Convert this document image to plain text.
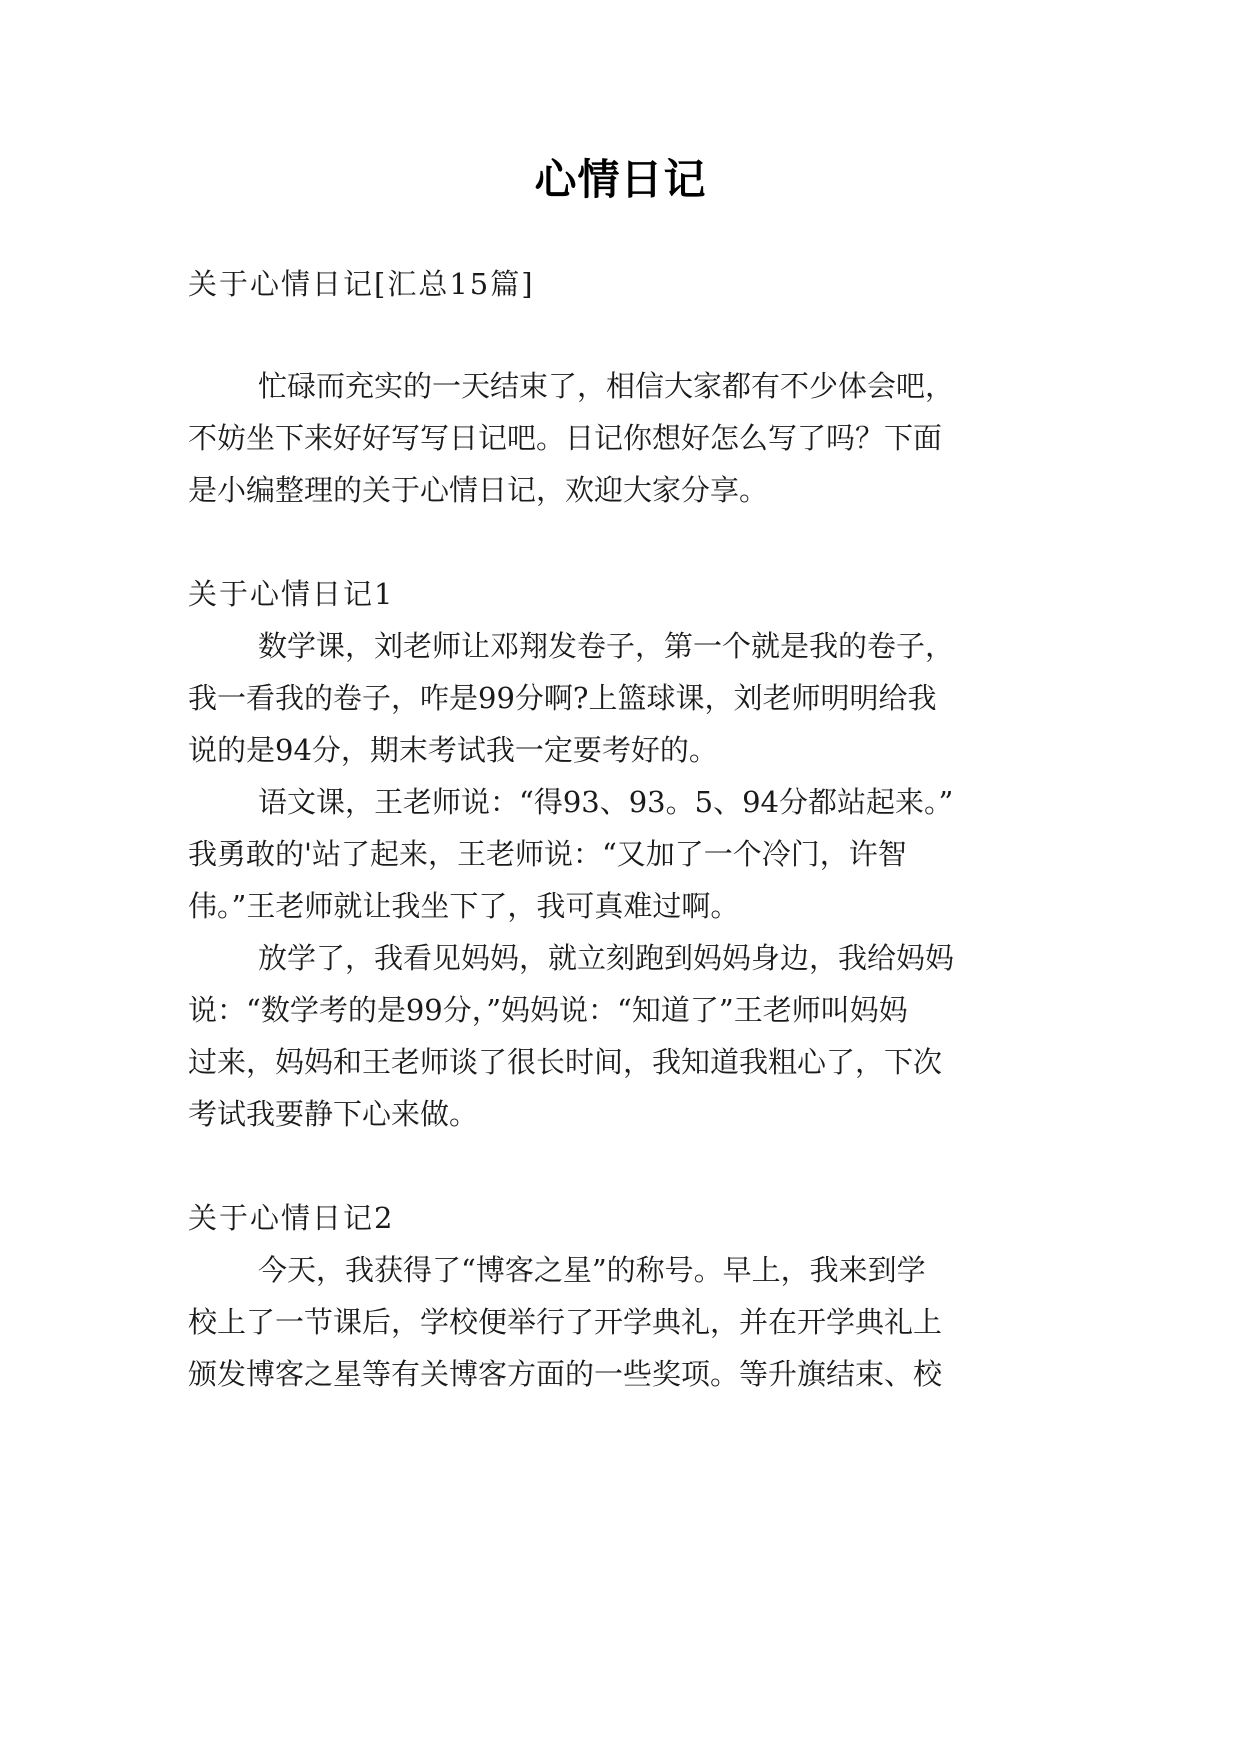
心情日记

关于心情日记[汇总15篇]

忙碌而充实的一天结束了，相信大家都有不少体会吧，

不妨坐下来好好写写日记吧。日记你想好怎么写了吗？下面

是小编整理的关于心情日记，欢迎大家分享。

关于心情日记1

数学课，刘老师让邓翔发卷子，第一个就是我的卷子，

我一看我的卷子，咋是99分啊?上篮球课，刘老师明明给我

说的是94分，期末考试我一定要考好的。

语文课，王老师说：“得93、93。5、94分都站起来。”

我勇敢的'站了起来，王老师说：“又加了一个冷门，许智

伟。”王老师就让我坐下了，我可真难过啊。

放学了，我看见妈妈，就立刻跑到妈妈身边，我给妈妈

说：“数学考的是99分，”妈妈说：“知道了”王老师叫妈妈

过来，妈妈和王老师谈了很长时间，我知道我粗心了，下次

考试我要静下心来做。

关于心情日记2

今天，我获得了“博客之星”的称号。早上，我来到学

校上了一节课后，学校便举行了开学典礼，并在开学典礼上

颁发博客之星等有关博客方面的一些奖项。等升旗结束、校
